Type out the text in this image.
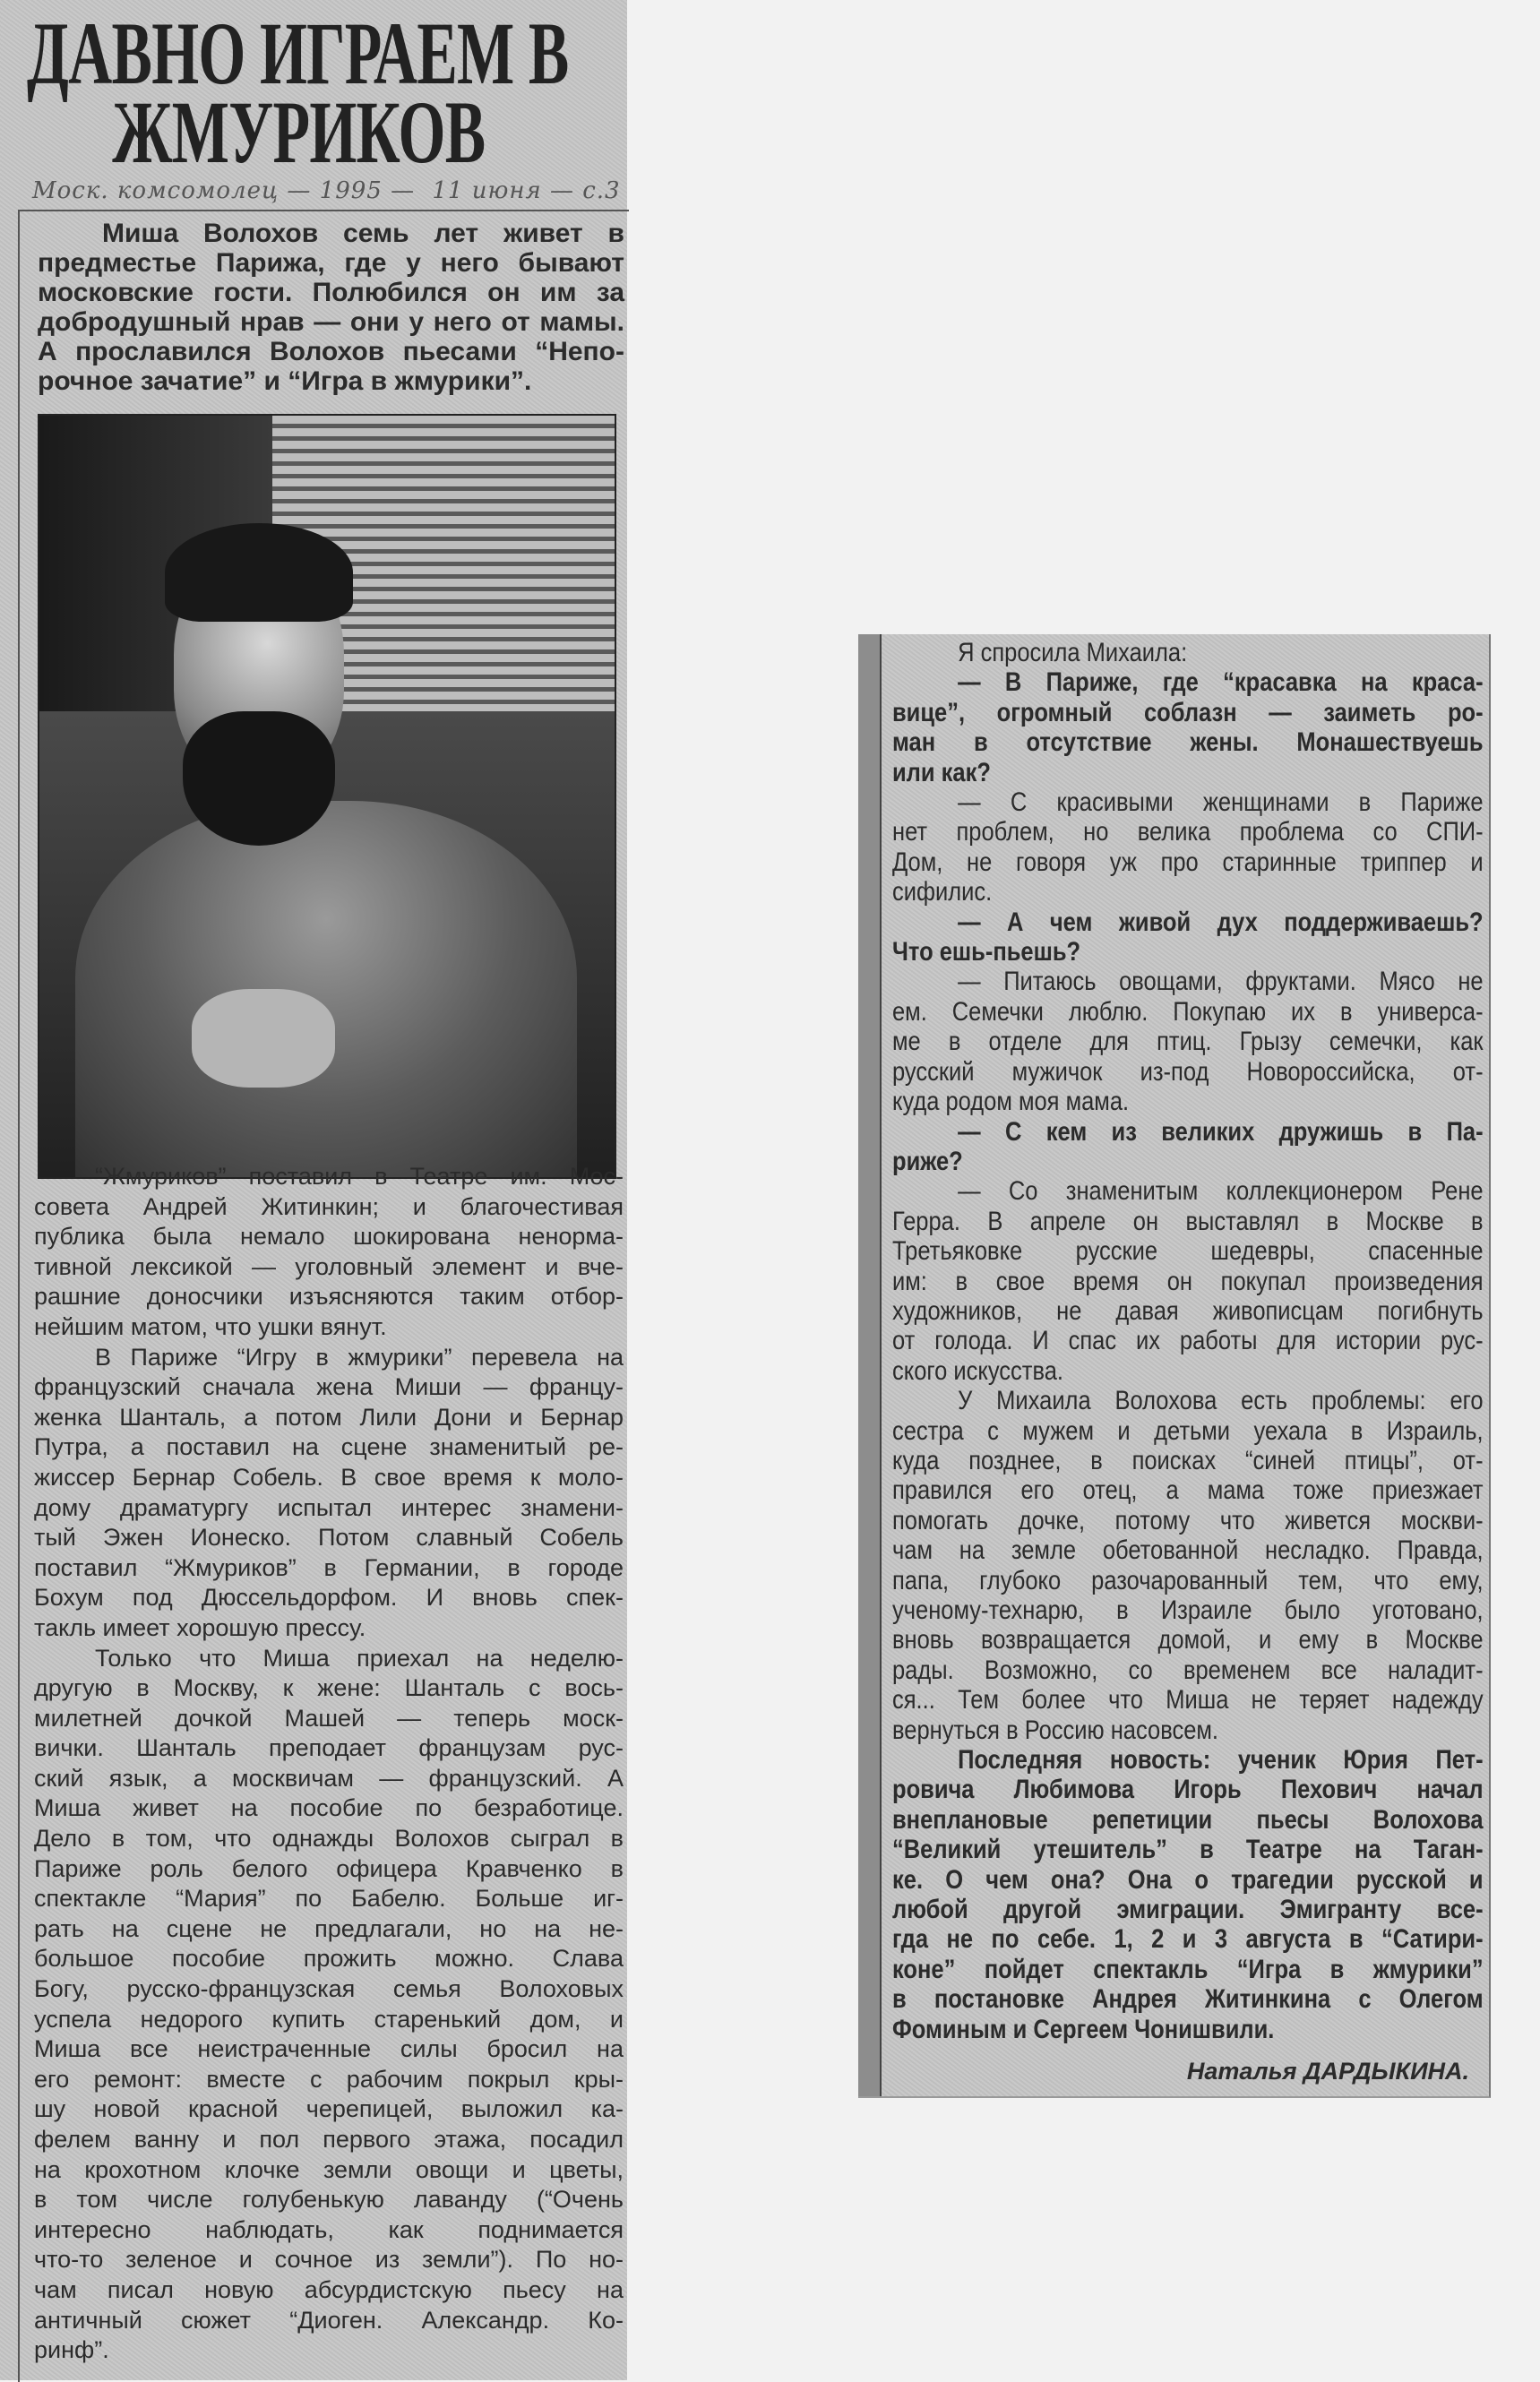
ДАВНО ИГРАЕМ В
ЖМУРИКОВ
Моск. комсомолец — 1995 — 11 июня — с.3
Миша Волохов семь лет живет в
предместье Парижа, где у него бывают
московские гости. Полюбился он им за
добродушный нрав — они у него от мамы.
А прославился Волохов пьесами “Непо-
рочное зачатие” и “Игра в жмурики”.
“Жмуриков” поставил в Театре им. Мос-
совета Андрей Житинкин; и благочестивая
публика была немало шокирована ненорма-
тивной лексикой — уголовный элемент и вче-
рашние доносчики изъясняются таким отбор-
нейшим матом, что ушки вянут.
В Париже “Игру в жмурики” перевела на
французский сначала жена Миши — францу-
женка Шанталь, а потом Лили Дони и Бернар
Путра, а поставил на сцене знаменитый ре-
жиссер Бернар Собель. В свое время к моло-
дому драматургу испытал интерес знамени-
тый Эжен Ионеско. Потом славный Собель
поставил “Жмуриков” в Германии, в городе
Бохум под Дюссельдорфом. И вновь спек-
такль имеет хорошую прессу.
Только что Миша приехал на неделю-
другую в Москву, к жене: Шанталь с вось-
милетней дочкой Машей — теперь моск-
вички. Шанталь преподает французам рус-
ский язык, а москвичам — французский. А
Миша живет на пособие по безработице.
Дело в том, что однажды Волохов сыграл в
Париже роль белого офицера Кравченко в
спектакле “Мария” по Бабелю. Больше иг-
рать на сцене не предлагали, но на не-
большое пособие прожить можно. Слава
Богу, русско-французская семья Волоховых
успела недорого купить старенький дом, и
Миша все неистраченные силы бросил на
его ремонт: вместе с рабочим покрыл кры-
шу новой красной черепицей, выложил ка-
фелем ванну и пол первого этажа, посадил
на крохотном клочке земли овощи и цветы,
в том числе голубенькую лаванду (“Очень
интересно наблюдать, как поднимается
что-то зеленое и сочное из земли”). По но-
чам писал новую абсурдистскую пьесу на
античный сюжет “Диоген. Александр. Ко-
ринф”.
Я спросила Михаила:
— В Париже, где “красавка на краса-
вице”, огромный соблазн — заиметь ро-
ман в отсутствие жены. Монашествуешь
или как?
— С красивыми женщинами в Париже
нет проблем, но велика проблема со СПИ-
Дом, не говоря уж про старинные триппер и
сифилис.
— А чем живой дух поддерживаешь?
Что ешь-пьешь?
— Питаюсь овощами, фруктами. Мясо не
ем. Семечки люблю. Покупаю их в универса-
ме в отделе для птиц. Грызу семечки, как
русский мужичок из-под Новороссийска, от-
куда родом моя мама.
— С кем из великих дружишь в Па-
риже?
— Со знаменитым коллекционером Рене
Герра. В апреле он выставлял в Москве в
Третьяковке русские шедевры, спасенные
им: в свое время он покупал произведения
художников, не давая живописцам погибнуть
от голода. И спас их работы для истории рус-
ского искусства.
У Михаила Волохова есть проблемы: его
сестра с мужем и детьми уехала в Израиль,
куда позднее, в поисках “синей птицы”, от-
правился его отец, а мама тоже приезжает
помогать дочке, потому что живется москви-
чам на земле обетованной несладко. Правда,
папа, глубоко разочарованный тем, что ему,
ученому-технарю, в Израиле было уготовано,
вновь возвращается домой, и ему в Москве
рады. Возможно, со временем все наладит-
ся... Тем более что Миша не теряет надежду
вернуться в Россию насовсем.
Последняя новость: ученик Юрия Пет-
ровича Любимова Игорь Пехович начал
внеплановые репетиции пьесы Волохова
“Великий утешитель” в Театре на Таган-
ке. О чем она? Она о трагедии русской и
любой другой эмиграции. Эмигранту все-
гда не по себе. 1, 2 и 3 августа в “Сатири-
коне” пойдет спектакль “Игра в жмурики”
в постановке Андрея Житинкина с Олегом
Фоминым и Сергеем Чонишвили.
Наталья ДАРДЫКИНА.
